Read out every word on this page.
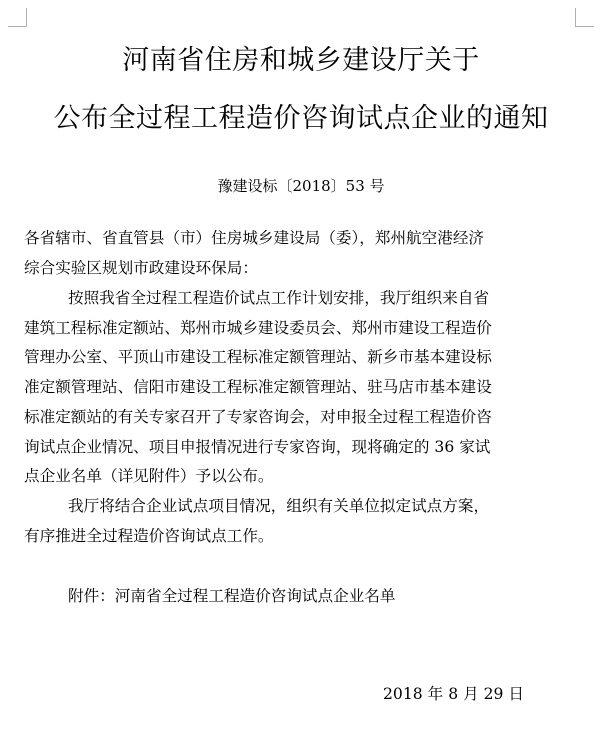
河南省住房和城乡建设厅关于
公布全过程工程造价咨询试点企业的通知
豫建设标〔2018〕53 号
各省辖市、省直管县（市）住房城乡建设局（委），郑州航空港经济
综合实验区规划市政建设环保局：
按照我省全过程工程造价试点工作计划安排，我厅组织来自省
建筑工程标准定额站、郑州市城乡建设委员会、郑州市建设工程造价
管理办公室、平顶山市建设工程标准定额管理站、新乡市基本建设标
准定额管理站、信阳市建设工程标准定额管理站、驻马店市基本建设
标准定额站的有关专家召开了专家咨询会，对申报全过程工程造价咨
询试点企业情况、项目申报情况进行专家咨询，现将确定的 36 家试
点企业名单（详见附件）予以公布。
我厅将结合企业试点项目情况，组织有关单位拟定试点方案，
有序推进全过程造价咨询试点工作。
附件：河南省全过程工程造价咨询试点企业名单
2018 年 8 月 29 日
